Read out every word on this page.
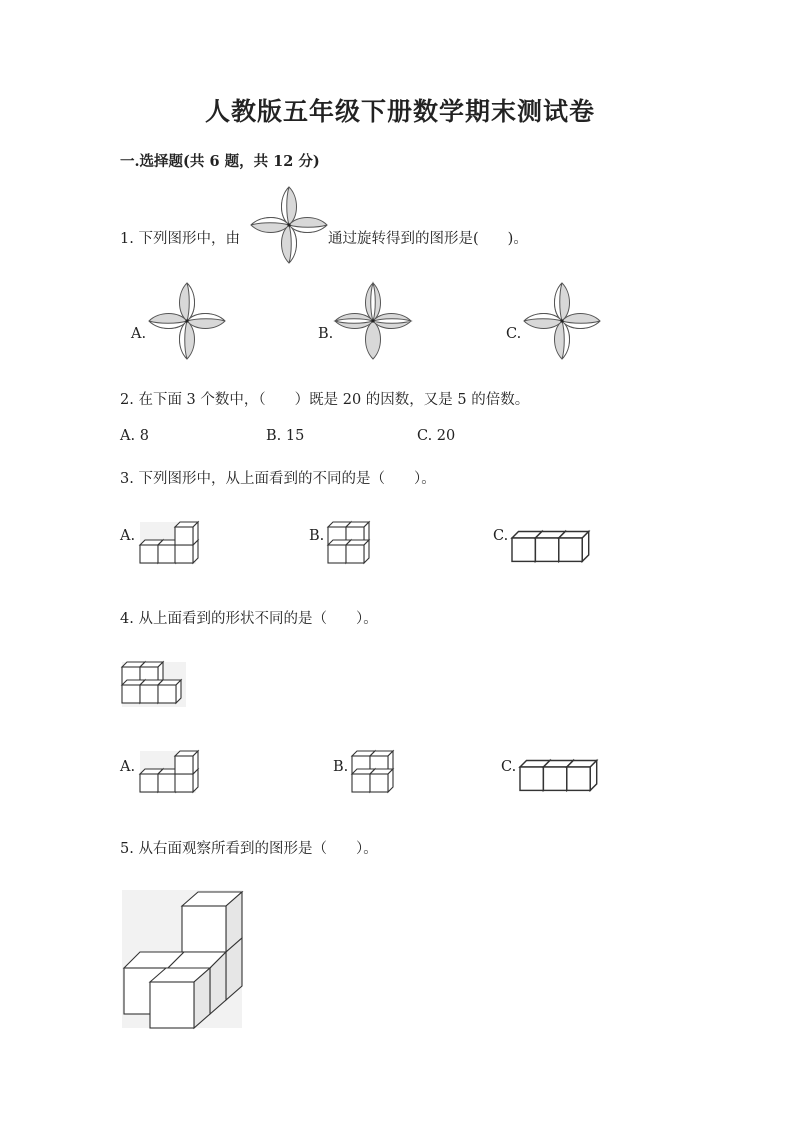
人教版五年级下册数学期末测试卷
一.选择题(共 6 题，共 12 分)
1. 下列图形中，由	通过旋转得到的图形是(　　)。
A.	B.	C.
2. 在下面 3 个数中，（　　）既是 20 的因数，又是 5 的倍数。
A. 8	B. 15	C. 20
3. 下列图形中，从上面看到的不同的是（　　）。
A.	B.	C.
4. 从上面看到的形状不同的是（　　）。
A.	B.	C.
5. 从右面观察所看到的图形是（　　）。
